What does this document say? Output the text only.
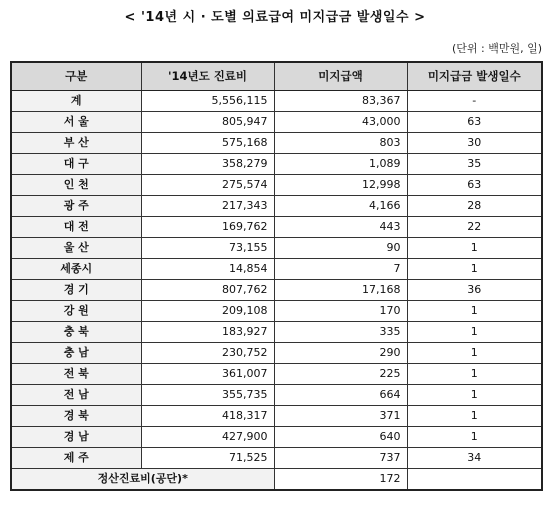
< '14년 시 · 도별 의료급여 미지급금 발생일수 >
(단위 : 백만원, 일)
구분	'14년도 진료비	미지급액	미지급금 발생일수
계	5,556,115	83,367	-
서 울	805,947	43,000	63
부 산	575,168	803	30
대 구	358,279	1,089	35
인 천	275,574	12,998	63
광 주	217,343	4,166	28
대 전	169,762	443	22
울 산	73,155	90	1
세종시	14,854	7	1
경 기	807,762	17,168	36
강 원	209,108	170	1
충 북	183,927	335	1
충 남	230,752	290	1
전 북	361,007	225	1
전 남	355,735	664	1
경 북	418,317	371	1
경 남	427,900	640	1
제 주	71,525	737	34
정산진료비(공단)*		172	
